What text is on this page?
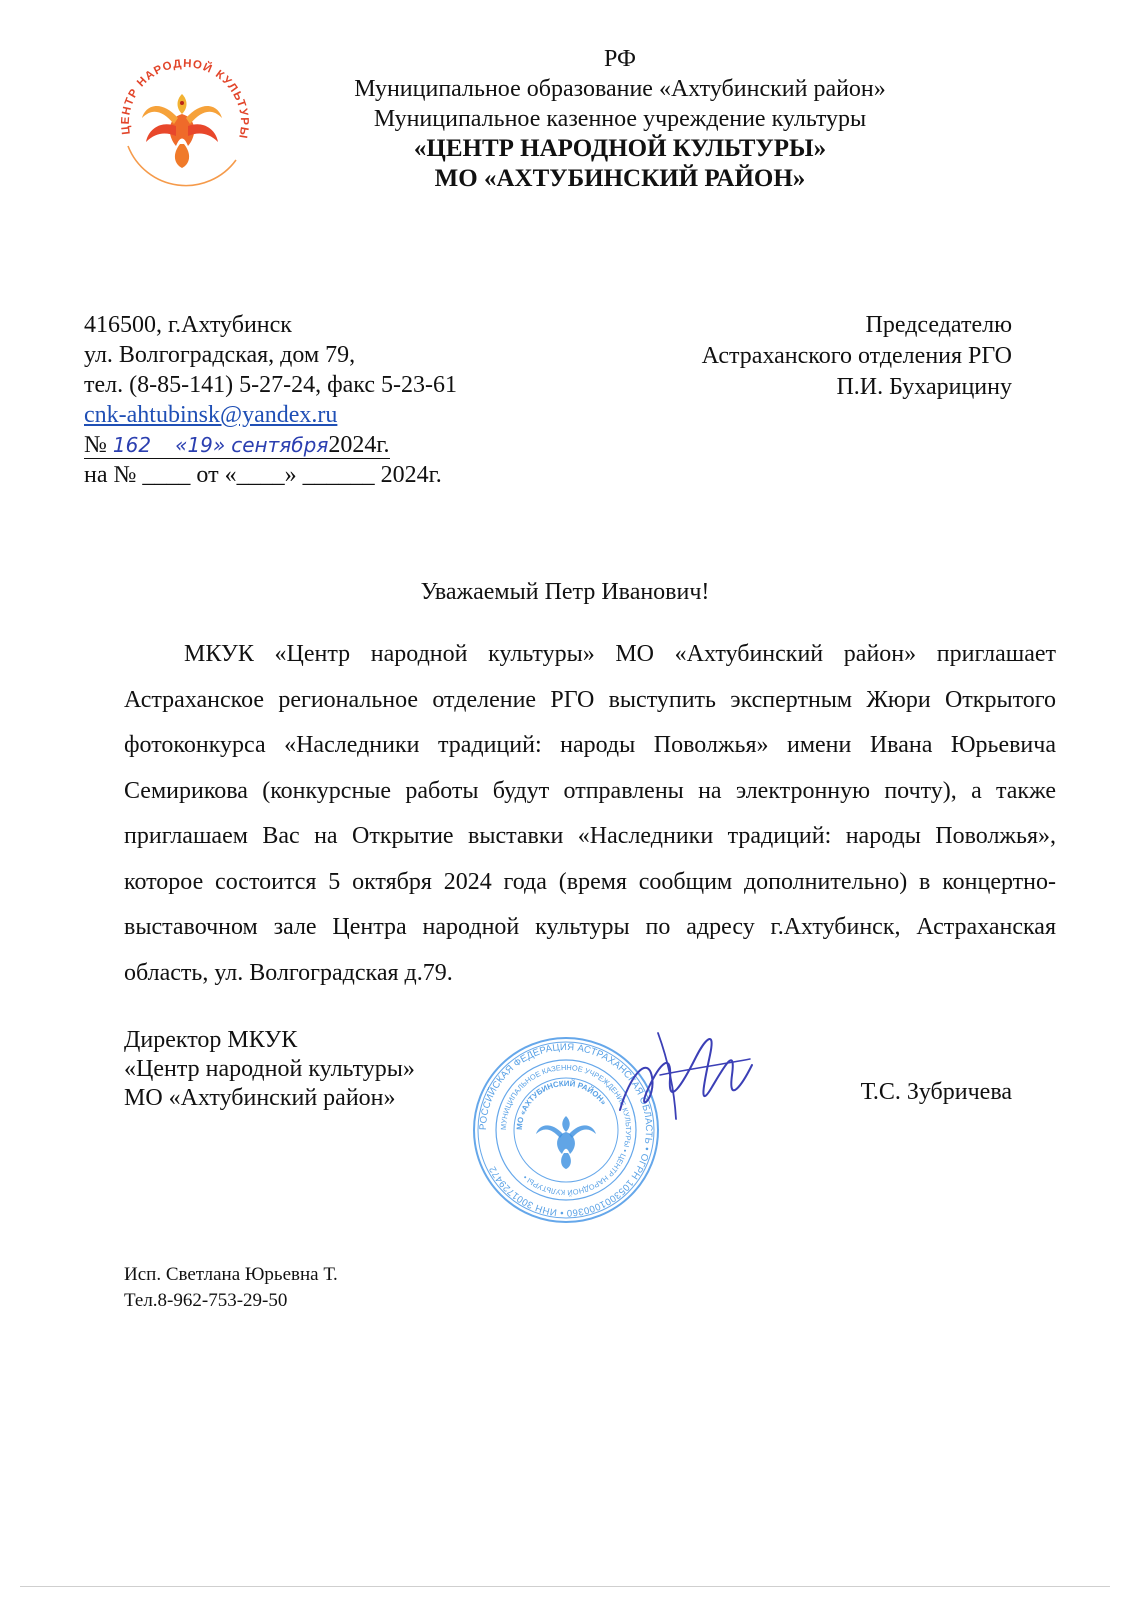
ЦЕНТР НАРОДНОЙ КУЛЬТУРЫ
РФ
Муниципальное образование «Ахтубинский район»
Муниципальное казенное учреждение культуры
«ЦЕНТР НАРОДНОЙ КУЛЬТУРЫ»
МО «АХТУБИНСКИЙ РАЙОН»
416500, г.Ахтубинск
ул. Волгоградская, дом 79,
тел. (8-85-141) 5-27-24, факс 5-23-61
cnk-ahtubinsk@yandex.ru
№ 162 «19» сентября2024г.
на № ____ от «____» ______ 2024г.
Председателю
Астраханского отделения РГО
П.И. Бухарицину
Уважаемый Петр Иванович!
МКУК «Центр народной культуры» МО «Ахтубинский район» приглашает Астраханское региональное отделение РГО выступить экспертным Жюри Открытого фотоконкурса «Наследники традиций: народы Поволжья» имени Ивана Юрьевича Семирикова (конкурсные работы будут отправлены на электронную почту), а также приглашаем Вас на Открытие выставки «Наследники традиций: народы Поволжья», которое состоится 5 октября 2024 года (время сообщим дополнительно) в концертно-выставочном зале Центра народной культуры по адресу г.Ахтубинск, Астраханская область, ул. Волгоградская д.79.
Директор МКУК
«Центр народной культуры»
МО «Ахтубинский район»
РОССИЙСКАЯ ФЕДЕРАЦИЯ АСТРАХАНСКАЯ ОБЛАСТЬ • ОГРН 1053001000360 • ИНН 3001729472
МУНИЦИПАЛЬНОЕ КАЗЕННОЕ УЧРЕЖДЕНИЕ КУЛЬТУРЫ • ЦЕНТР НАРОДНОЙ КУЛЬТУРЫ •
МО «АХТУБИНСКИЙ РАЙОН»	Т.С. Зубричева
Исп. Светлана Юрьевна Т.
Тел.8-962-753-29-50
